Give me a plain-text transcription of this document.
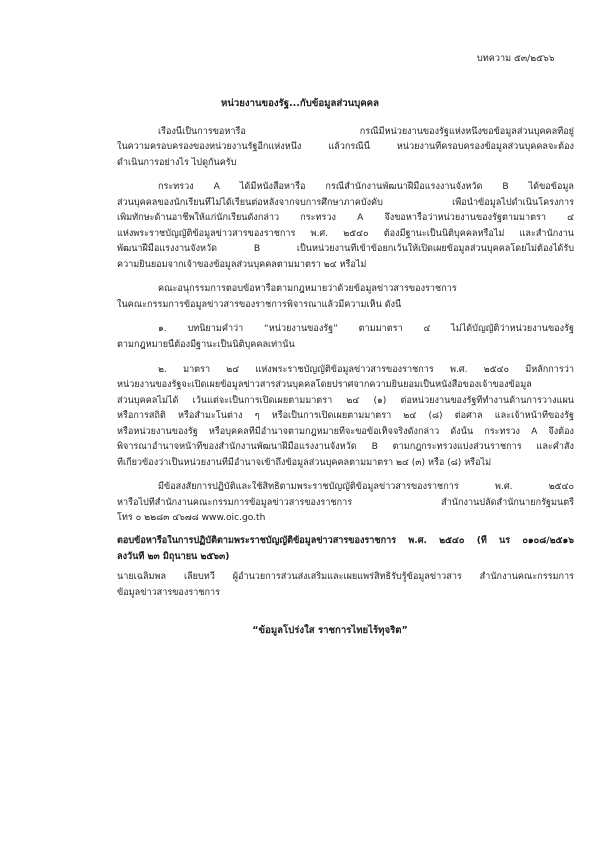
บทความ ๕๓/๒๕๖๖
หน่วยงานของรัฐ...กับข้อมูลส่วนบุคคล
เรื่องนี้เป็นการขอหารือ กรณีมีหน่วยงานของรัฐแห่งหนึ่งขอข้อมูลส่วนบุคคลที่อยู่
ในความครอบครองของหน่วยงานรัฐอีกแห่งหนึ่ง แล้วกรณีนี้ หน่วยงานที่ครอบครองข้อมูลส่วนบุคคลจะต้อง
ดำเนินการอย่างไร ไปดูกันครับ
กระทรวง A ได้มีหนังสือหารือ กรณีสำนักงานพัฒนาฝีมือแรงงานจังหวัด B ได้ขอข้อมูล
ส่วนบุคคลของนักเรียนที่ไม่ได้เรียนต่อหลังจากจบการศึกษาภาคบังคับ เพื่อนำข้อมูลไปดำเนินโครงการ
เพิ่มทักษะด้านอาชีพให้แก่นักเรียนดังกล่าว กระทรวง A จึงขอหารือว่าหน่วยงานของรัฐตามมาตรา ๔
แห่งพระราชบัญญัติข้อมูลข่าวสารของราชการ พ.ศ. ๒๕๔๐ ต้องมีฐานะเป็นนิติบุคคลหรือไม่ และสำนักงาน
พัฒนาฝีมือแรงงานจังหวัด B เป็นหน่วยงานที่เข้าข้อยกเว้นให้เปิดเผยข้อมูลส่วนบุคคลโดยไม่ต้องได้รับ
ความยินยอมจากเจ้าของข้อมูลส่วนบุคคลตามมาตรา ๒๔ หรือไม่
คณะอนุกรรมการตอบข้อหารือตามกฎหมายว่าด้วยข้อมูลข่าวสารของราชการ
ในคณะกรรมการข้อมูลข่าวสารของราชการพิจารณาแล้วมีความเห็น ดังนี้
๑. บทนิยามคำว่า “หน่วยงานของรัฐ” ตามมาตรา ๔ ไม่ได้บัญญัติว่าหน่วยงานของรัฐ
ตามกฎหมายนี้ต้องมีฐานะเป็นนิติบุคคลเท่านั้น
๒. มาตรา ๒๔ แห่งพระราชบัญญัติข้อมูลข่าวสารของราชการ พ.ศ. ๒๕๔๐ มีหลักการว่า
หน่วยงานของรัฐจะเปิดเผยข้อมูลข่าวสารส่วนบุคคลโดยปราศจากความยินยอมเป็นหนังสือของเจ้าของข้อมูล
ส่วนบุคคลไม่ได้ เว้นแต่จะเป็นการเปิดเผยตามมาตรา ๒๔ (๑) ต่อหน่วยงานของรัฐที่ทำงานด้านการวางแผน
หรือการสถิติ หรือสำมะโนต่าง ๆ หรือเป็นการเปิดเผยตามมาตรา ๒๔ (๘) ต่อศาล และเจ้าหน้าที่ของรัฐ
หรือหน่วยงานของรัฐ หรือบุคคลที่มีอำนาจตามกฎหมายที่จะขอข้อเท็จจริงดังกล่าว ดังนั้น กระทรวง A จึงต้อง
พิจารณาอำนาจหน้าที่ของสำนักงานพัฒนาฝีมือแรงงานจังหวัด B ตามกฎกระทรวงแบ่งส่วนราชการ และคำสั่ง
ที่เกี่ยวข้องว่าเป็นหน่วยงานที่มีอำนาจเข้าถึงข้อมูลส่วนบุคคลตามมาตรา ๒๔ (๓) หรือ (๘) หรือไม่
มีข้อสงสัยการปฏิบัติและใช้สิทธิตามพระราชบัญญัติข้อมูลข่าวสารของราชการ พ.ศ. ๒๕๔๐
หารือไปที่สำนักงานคณะกรรมการข้อมูลข่าวสารของราชการ สำนักงานปลัดสำนักนายกรัฐมนตรี
โทร ๐ ๒๒๘๓ ๔๖๗๘ www.oic.go.th
ตอบข้อหารือในการปฏิบัติตามพระราชบัญญัติข้อมูลข่าวสารของราชการ พ.ศ. ๒๕๔๐ (ที่ นร ๐๑๐๘/๒๕๑๖
ลงวันที่ ๒๓ มิถุนายน ๒๕๖๓)
นายเฉลิมพล เลียบทวี ผู้อำนวยการส่วนส่งเสริมและเผยแพร่สิทธิรับรู้ข้อมูลข่าวสาร สำนักงานคณะกรรมการ
ข้อมูลข่าวสารของราชการ
“ข้อมูลโปร่งใส ราชการไทยไร้ทุจริต”
